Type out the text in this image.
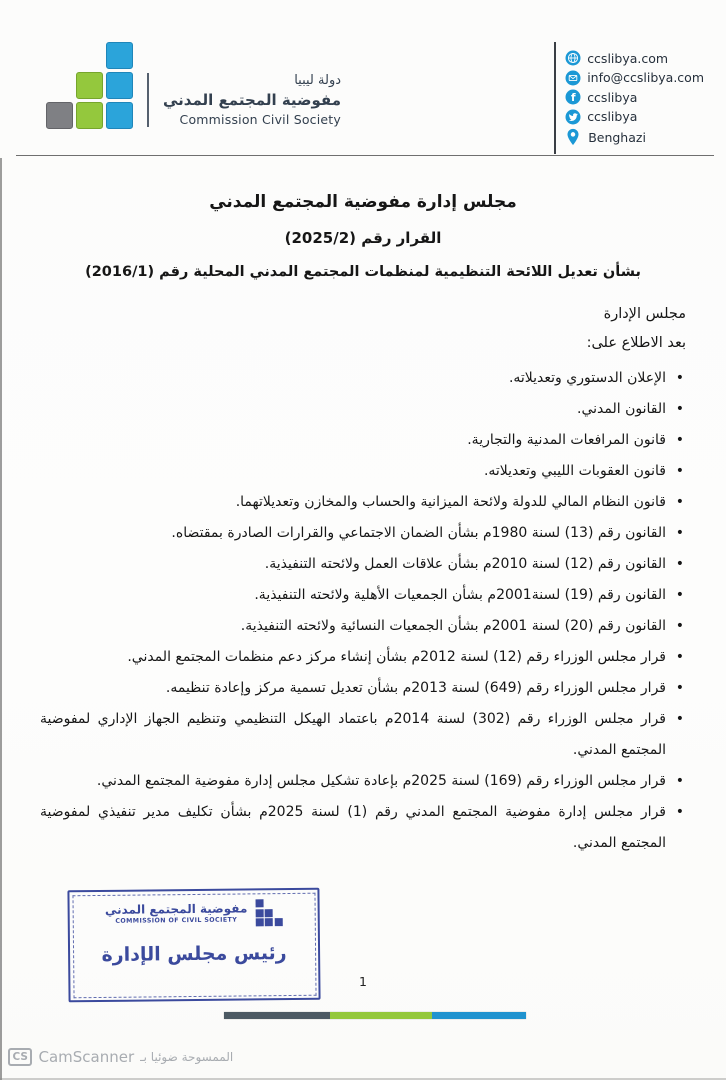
دولة ليبيا
مفوضية المجتمع المدني
Commission Civil Society
ccslibya.com
info@ccslibya.com
f ccslibya
ccslibya
Benghazi
مجلس إدارة مفوضية المجتمع المدني
القرار رقم (2025/2)
بشأن تعديل اللائحة التنظيمية لمنظمات المجتمع المدني المحلية رقم (2016/1)

مجلس الإدارة

بعد الاطلاع على:

• الإعلان الدستوري وتعديلاته.
• القانون المدني.
• قانون المرافعات المدنية والتجارية.
• قانون العقوبات الليبي وتعديلاته.
• قانون النظام المالي للدولة ولائحة الميزانية والحساب والمخازن وتعديلاتهما.
• القانون رقم (13) لسنة 1980م بشأن الضمان الاجتماعي والقرارات الصادرة بمقتضاه.
• القانون رقم (12) لسنة 2010م بشأن علاقات العمل ولائحته التنفيذية.
• القانون رقم (19) لسنة2001م بشأن الجمعيات الأهلية ولائحته التنفيذية.
• القانون رقم (20) لسنة 2001م بشأن الجمعيات النسائية ولائحته التنفيذية.
• قرار مجلس الوزراء رقم (12) لسنة 2012م بشأن إنشاء مركز دعم منظمات المجتمع المدني.
• قرار مجلس الوزراء رقم (649) لسنة 2013م بشأن تعديل تسمية مركز وإعادة تنظيمه.
• قرار مجلس الوزراء رقم (302) لسنة 2014م باعتماد الهيكل التنظيمي وتنظيم الجهاز الإداري لمفوضية المجتمع المدني.
• قرار مجلس الوزراء رقم (169) لسنة 2025م بإعادة تشكيل مجلس إدارة مفوضية المجتمع المدني.
• قرار مجلس إدارة مفوضية المجتمع المدني رقم (1) لسنة 2025م بشأن تكليف مدير تنفيذي لمفوضية المجتمع المدني.
مفوضية المجتمع المدني
COMMISSION OF CIVIL SOCIETY
رئيس مجلس الإدارة
1
CS CamScanner الممسوحة ضوئيا بـ
